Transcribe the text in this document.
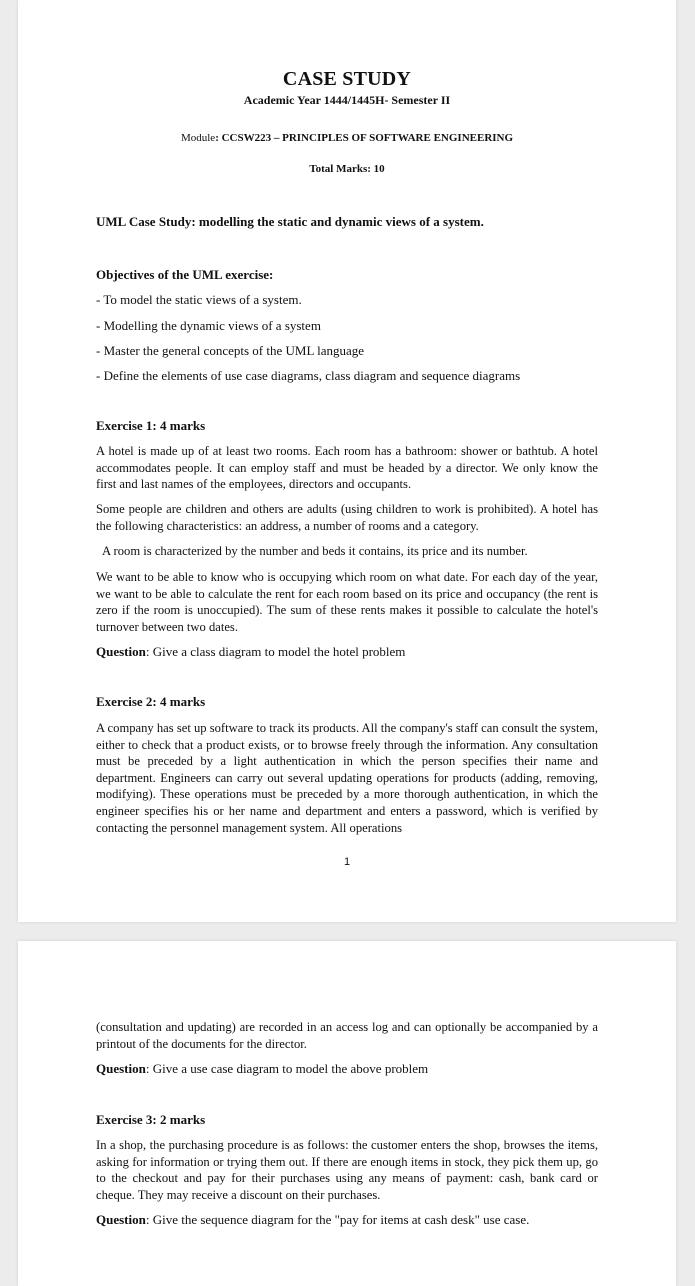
CASE STUDY
Academic Year 1444/1445H- Semester II
Module: CCSW223 – PRINCIPLES OF SOFTWARE ENGINEERING
Total Marks: 10
UML Case Study: modelling the static and dynamic views of a system.
Objectives of the UML exercise:
- To model the static views of a system.
- Modelling the dynamic views of a system
- Master the general concepts of the UML language
- Define the elements of use case diagrams, class diagram and sequence diagrams
Exercise 1: 4 marks

A hotel is made up of at least two rooms. Each room has a bathroom: shower or bathtub. A hotel accommodates people. It can employ staff and must be headed by a director. We only know the first and last names of the employees, directors and occupants.

Some people are children and others are adults (using children to work is prohibited). A hotel has the following characteristics: an address, a number of rooms and a category.

A room is characterized by the number and beds it contains, its price and its number.

We want to be able to know who is occupying which room on what date. For each day of the year, we want to be able to calculate the rent for each room based on its price and occupancy (the rent is zero if the room is unoccupied). The sum of these rents makes it possible to calculate the hotel's turnover between two dates.

Question: Give a class diagram to model the hotel problem
Exercise 2: 4 marks

A company has set up software to track its products. All the company's staff can consult the system, either to check that a product exists, or to browse freely through the information. Any consultation must be preceded by a light authentication in which the person specifies their name and department. Engineers can carry out several updating operations for products (adding, removing, modifying). These operations must be preceded by a more thorough authentication, in which the engineer specifies his or her name and department and enters a password, which is verified by contacting the personnel management system. All operations

1

(consultation and updating) are recorded in an access log and can optionally be accompanied by a printout of the documents for the director.

Question: Give a use case diagram to model the above problem
Exercise 3: 2 marks

In a shop, the purchasing procedure is as follows: the customer enters the shop, browses the items, asking for information or trying them out. If there are enough items in stock, they pick them up, go to the checkout and pay for their purchases using any means of payment: cash, bank card or cheque. They may receive a discount on their purchases.

Question: Give the sequence diagram for the "pay for items at cash desk" use case.
